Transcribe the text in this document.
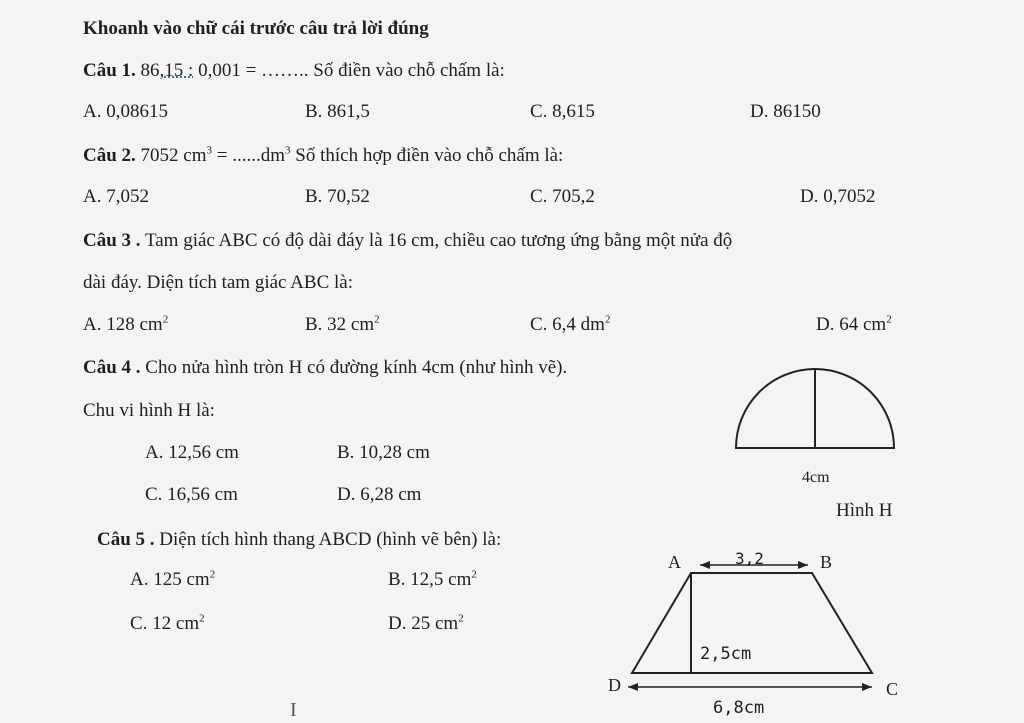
Khoanh vào chữ cái trước câu trả lời đúng
Câu 1. 86,15 : 0,001 = …….. Số điền vào chỗ chấm là:
A. 0,08615	B. 861,5	C. 8,615	D. 86150
Câu 2. 7052 $cm^3 = ......dm^3$ Số thích hợp điền vào chỗ chấm là:
A. 7,052	B. 70,52	C. 705,2	D. 0,7052
Câu 3 . Tam giác ABC có độ dài đáy là 16 cm, chiều cao tương ứng bằng một nửa độ
dài đáy. Diện tích tam giác ABC là:
A. 128 $cm^2$	B. 32 $cm^2$	C. 6,4 $dm^2$	D. 64 $cm^2$
Câu 4 . Cho nửa hình tròn H có đường kính 4cm (như hình vẽ).
Chu vi hình H là:
A. 12,56 cm	B. 10,28 cm
C. 16,56 cm	D. 6,28 cm
4cm
Hình H
Câu 5 . Diện tích hình thang ABCD (hình vẽ bên) là:
A. 125 $cm^2$	B. 12,5 $cm^2$
C. 12 $cm^2$	D. 25 $cm^2$
A	B
C
D
3,2
2,5cm
6,8cm
I
